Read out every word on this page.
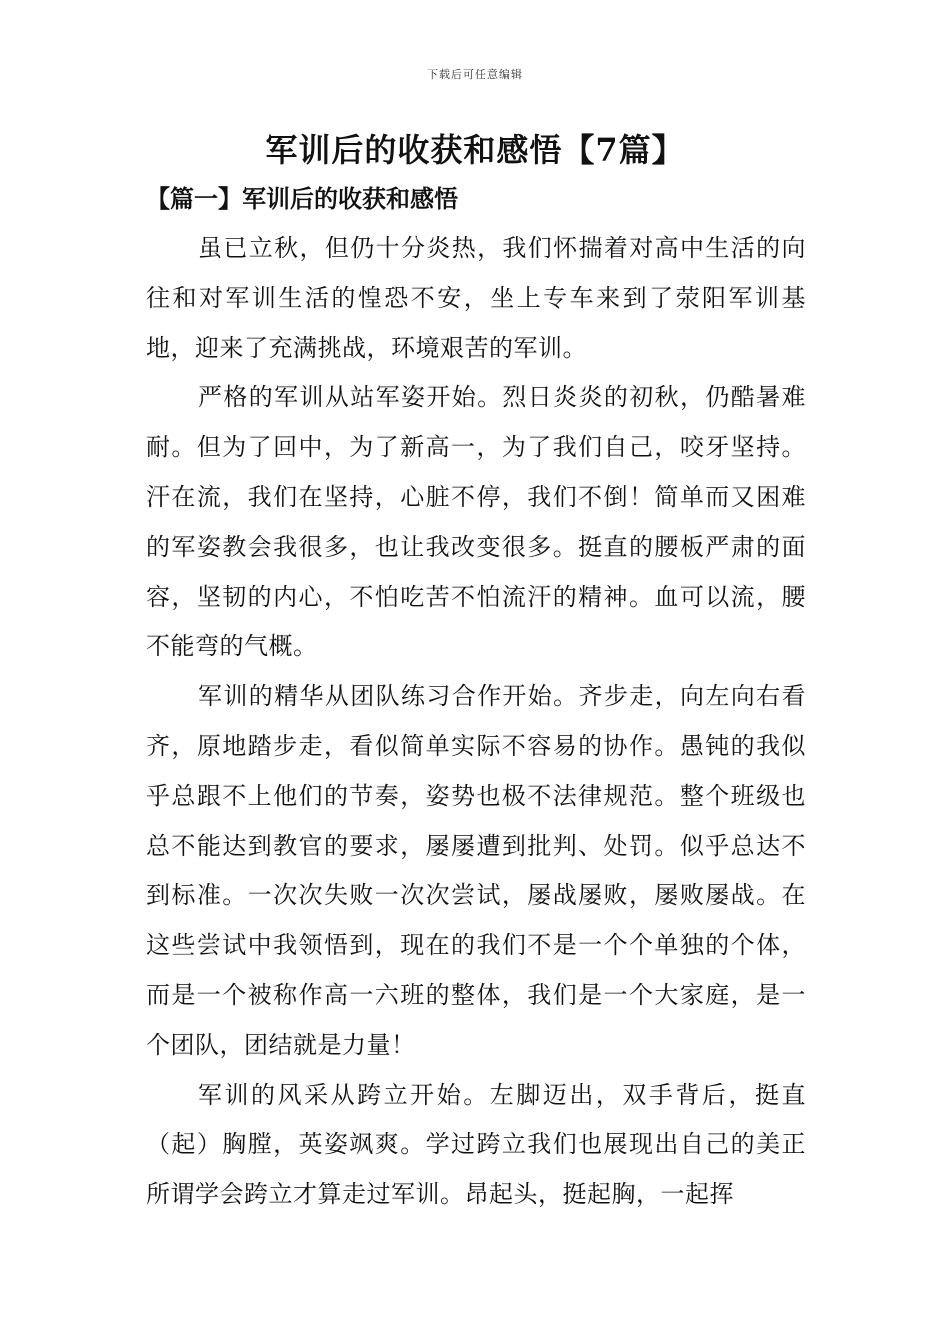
下载后可任意编辑
军训后的收获和感悟【7篇】
【篇一】军训后的收获和感悟

虽已立秋，但仍十分炎热，我们怀揣着对高中生活的向往和对军训生活的惶恐不安，坐上专车来到了荥阳军训基地，迎来了充满挑战，环境艰苦的军训。

严格的军训从站军姿开始。烈日炎炎的初秋，仍酷暑难耐。但为了回中，为了新高一，为了我们自己，咬牙坚持。汗在流，我们在坚持，心脏不停，我们不倒！简单而又困难的军姿教会我很多，也让我改变很多。挺直的腰板严肃的面容，坚韧的内心，不怕吃苦不怕流汗的精神。血可以流，腰不能弯的气概。

军训的精华从团队练习合作开始。齐步走，向左向右看齐，原地踏步走，看似简单实际不容易的协作。愚钝的我似乎总跟不上他们的节奏，姿势也极不法律规范。整个班级也总不能达到教官的要求，屡屡遭到批判、处罚。似乎总达不到标准。一次次失败一次次尝试，屡战屡败，屡败屡战。在这些尝试中我领悟到，现在的我们不是一个个单独的个体，而是一个被称作高一六班的整体，我们是一个大家庭，是一个团队，团结就是力量！

军训的风采从跨立开始。左脚迈出，双手背后，挺直（起）胸膛，英姿飒爽。学过跨立我们也展现出自己的美正所谓学会跨立才算走过军训。昂起头，挺起胸，一起挥
